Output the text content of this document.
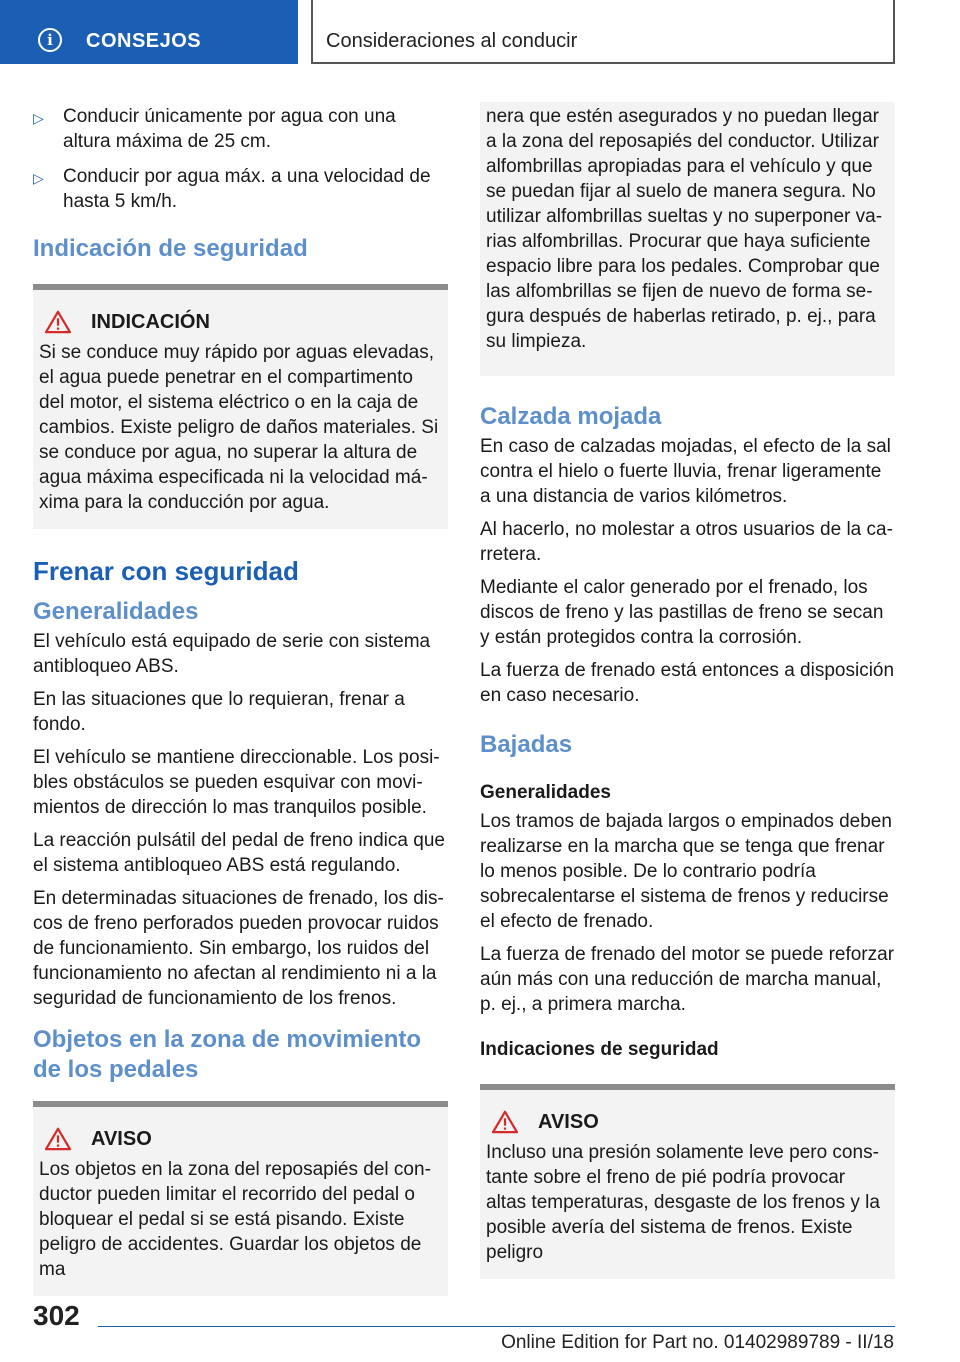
i	CONSEJOS	Consideraciones al conducir
▷	Conducir únicamente por agua con una altura máxima de 25 cm.
▷	Conducir por agua máx. a una velocidad de hasta 5 km/h.
Indicación de seguridad
INDICACIÓN

Si se conduce muy rápido por aguas elevadas, el agua puede penetrar en el compartimento del motor, el sistema eléctrico o en la caja de cambios. Existe peligro de daños materiales. Si se conduce por agua, no superar la altura de agua máxima especificada ni la velocidad máxima para la conducción por agua.

Frenar con seguridad
Generalidades

El vehículo está equipado de serie con sistema antibloqueo ABS.

En las situaciones que lo requieran, frenar a fondo.

El vehículo se mantiene direccionable. Los posibles obstáculos se pueden esquivar con movimientos de dirección lo mas tranquilos posible.

La reacción pulsátil del pedal de freno indica que el sistema antibloqueo ABS está regulando.

En determinadas situaciones de frenado, los discos de freno perforados pueden provocar ruidos de funcionamiento. Sin embargo, los ruidos del funcionamiento no afectan al rendimiento ni a la seguridad de funcionamiento de los frenos.

Objetos en la zona de movimiento de los pedales
AVISO

Los objetos en la zona del reposapiés del conductor pueden limitar el recorrido del pedal o bloquear el pedal si se está pisando. Existe peligro de accidentes. Guardar los objetos de ma

nera que estén asegurados y no puedan llegar a la zona del reposapiés del conductor. Utilizar alfombrillas apropiadas para el vehículo y que se puedan fijar al suelo de manera segura. No utilizar alfombrillas sueltas y no superponer varias alfombrillas. Procurar que haya suficiente espacio libre para los pedales. Comprobar que las alfombrillas se fijen de nuevo de forma segura después de haberlas retirado, p. ej., para su limpieza.

Calzada mojada

En caso de calzadas mojadas, el efecto de la sal contra el hielo o fuerte lluvia, frenar ligeramente a una distancia de varios kilómetros.

Al hacerlo, no molestar a otros usuarios de la carretera.

Mediante el calor generado por el frenado, los discos de freno y las pastillas de freno se secan y están protegidos contra la corrosión.

La fuerza de frenado está entonces a disposición en caso necesario.

Bajadas
Generalidades

Los tramos de bajada largos o empinados deben realizarse en la marcha que se tenga que frenar lo menos posible. De lo contrario podría sobrecalentarse el sistema de frenos y reducirse el efecto de frenado.

La fuerza de frenado del motor se puede reforzar aún más con una reducción de marcha manual, p. ej., a primera marcha.

Indicaciones de seguridad
AVISO

Incluso una presión solamente leve pero constante sobre el freno de pié podría provocar altas temperaturas, desgaste de los frenos y la posible avería del sistema de frenos. Existe peligro

302
Online Edition for Part no. 01402989789 - II/18
